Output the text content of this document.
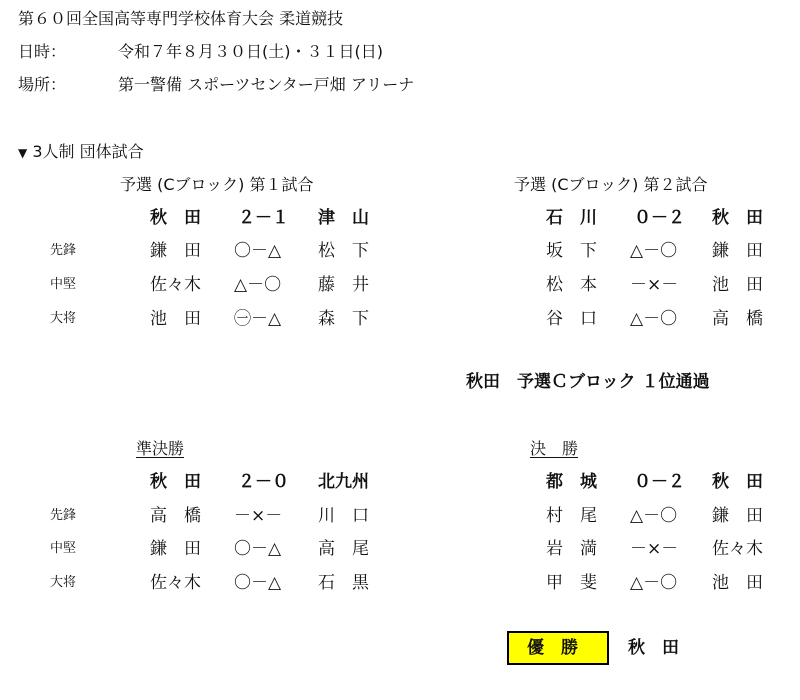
第６０回全国高等専門学校体育大会 柔道競技
日時：	令和７年８月３０日(土)・３１日(日)
場所：	第一警備 スポーツセンター戸畑 アリーナ
▼ 3人制 団体試合
予選 (Cブロック) 第１試合
秋　田 ２－１ 津　山
先鋒	鎌　田 〇－△ 松　下
中堅	佐々木 △－〇 藤　井
大将	池　田 ㊀－△ 森　下
予選 (Cブロック) 第２試合
石　川 ０－２ 秋　田
坂　下 △－〇 鎌　田
松　本 －×－ 池　田
谷　口 △－〇 高　橋
秋田　予選Ｃブロック １位通過
準決勝
秋　田 ２－０ 北九州
先鋒	高　橋 －×－ 川　口
中堅	鎌　田 〇－△ 高　尾
大将	佐々木 〇－△ 石　黒
決　勝
都　城 ０－２ 秋　田
村　尾 △－〇 鎌　田
岩　満 －×－ 佐々木
甲　斐 △－〇 池　田
優　勝	秋　田
